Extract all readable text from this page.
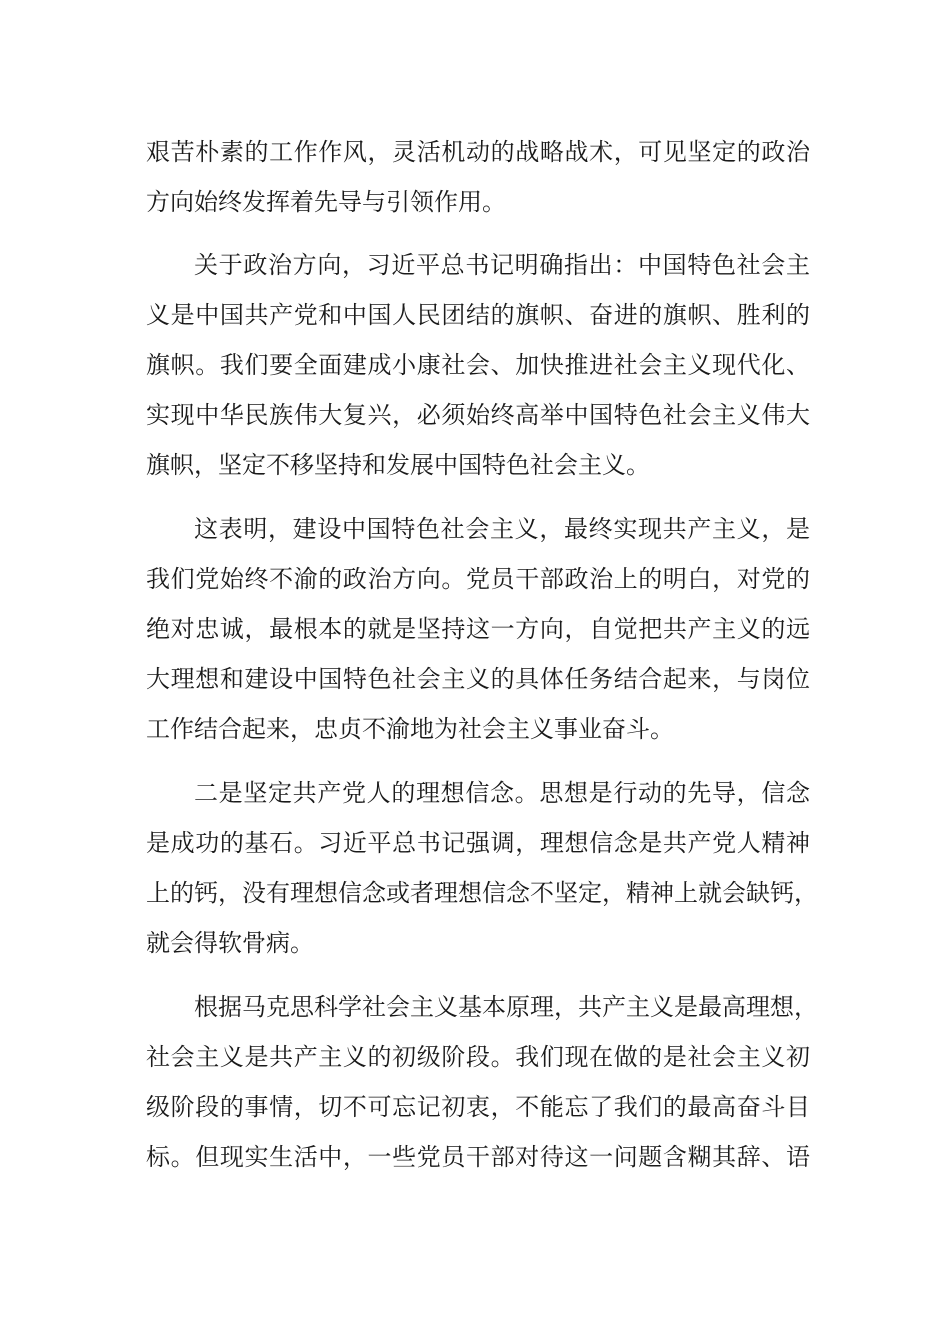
艰苦朴素的工作作风，灵活机动的战略战术，可见坚定的政治
方向始终发挥着先导与引领作用。
关于政治方向，习近平总书记明确指出：中国特色社会主
义是中国共产党和中国人民团结的旗帜、奋进的旗帜、胜利的
旗帜。我们要全面建成小康社会、加快推进社会主义现代化、
实现中华民族伟大复兴，必须始终高举中国特色社会主义伟大
旗帜，坚定不移坚持和发展中国特色社会主义。
这表明，建设中国特色社会主义，最终实现共产主义，是
我们党始终不渝的政治方向。党员干部政治上的明白，对党的
绝对忠诚，最根本的就是坚持这一方向，自觉把共产主义的远
大理想和建设中国特色社会主义的具体任务结合起来，与岗位
工作结合起来，忠贞不渝地为社会主义事业奋斗。
二是坚定共产党人的理想信念。思想是行动的先导，信念
是成功的基石。习近平总书记强调，理想信念是共产党人精神
上的钙，没有理想信念或者理想信念不坚定，精神上就会缺钙，
就会得软骨病。
根据马克思科学社会主义基本原理，共产主义是最高理想，
社会主义是共产主义的初级阶段。我们现在做的是社会主义初
级阶段的事情，切不可忘记初衷，不能忘了我们的最高奋斗目
标。但现实生活中，一些党员干部对待这一问题含糊其辞、语
